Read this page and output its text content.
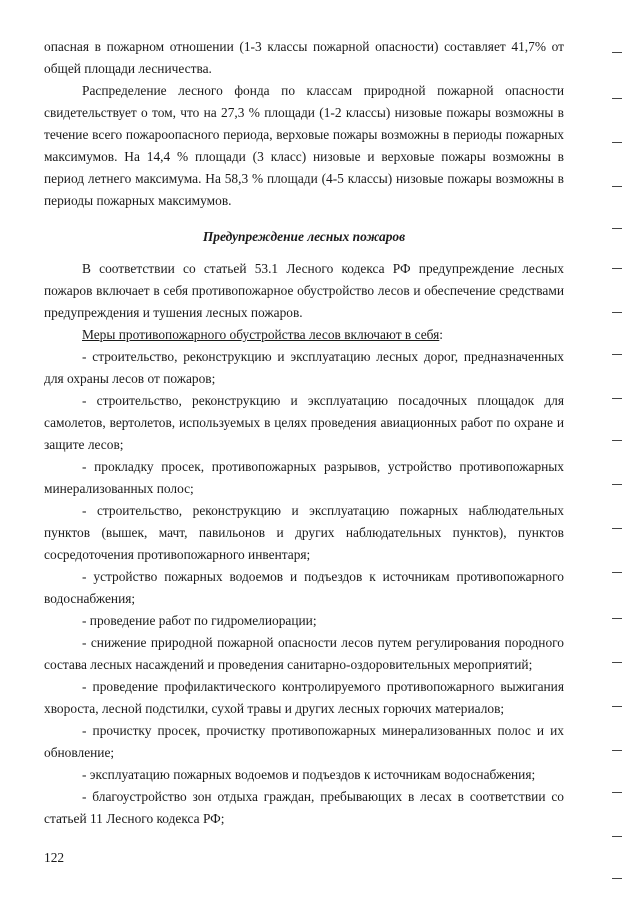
опасная в пожарном отношении (1-3 классы пожарной опасности) составляет 41,7% от общей площади лесничества.

Распределение лесного фонда по классам природной пожарной опасности свидетельствует о том, что на 27,3 % площади (1-2 классы) низовые пожары возможны в течение всего пожароопасного периода, верховые пожары возможны в периоды пожарных максимумов. На 14,4 % площади (3 класс) низовые и верховые пожары возможны в период летнего максимума. На 58,3 % площади (4-5 классы) низовые пожары возможны в периоды пожарных максимумов.

Предупреждение лесных пожаров

В соответствии со статьей 53.1 Лесного кодекса РФ предупреждение лесных пожаров включает в себя противопожарное обустройство лесов и обеспечение средствами предупреждения и тушения лесных пожаров.

Меры противопожарного обустройства лесов включают в себя:

- строительство, реконструкцию и эксплуатацию лесных дорог, предназначенных для охраны лесов от пожаров;

- строительство, реконструкцию и эксплуатацию посадочных площадок для самолетов, вертолетов, используемых в целях проведения авиационных работ по охране и защите лесов;

- прокладку просек, противопожарных разрывов, устройство противопожарных минерализованных полос;

- строительство, реконструкцию и эксплуатацию пожарных наблюдательных пунктов (вышек, мачт, павильонов и других наблюдательных пунктов), пунктов сосредоточения противопожарного инвентаря;

- устройство пожарных водоемов и подъездов к источникам противопожарного водоснабжения;

- проведение работ по гидромелиорации;

- снижение природной пожарной опасности лесов путем регулирования породного состава лесных насаждений и проведения санитарно-оздоровительных мероприятий;

- проведение профилактического контролируемого противопожарного выжигания хвороста, лесной подстилки, сухой травы и других лесных горючих материалов;

- прочистку просек, прочистку противопожарных минерализованных полос и их обновление;

- эксплуатацию пожарных водоемов и подъездов к источникам водоснабжения;

- благоустройство зон отдыха граждан, пребывающих в лесах в соответствии со статьей 11 Лесного кодекса РФ;

122
